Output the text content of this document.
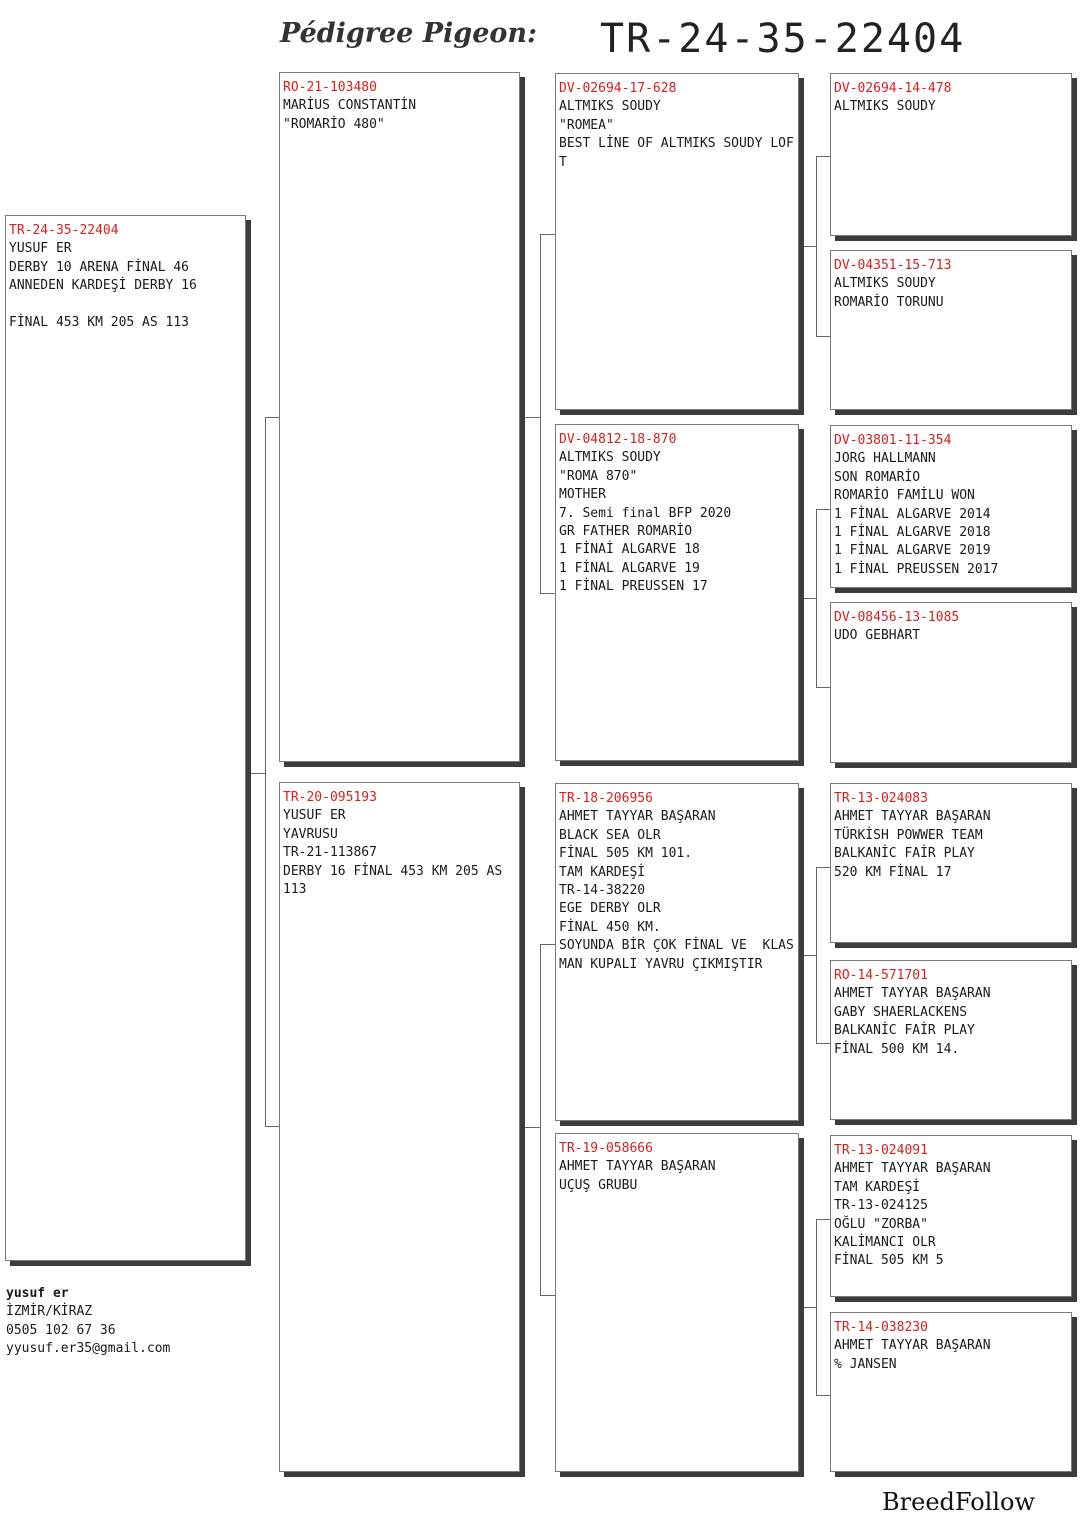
Pédigree Pigeon: TR-24-35-22404
TR-24-35-22404
YUSUF ER
DERBY 10 ARENA FİNAL 46
ANNEDEN KARDEŞİ DERBY 16
FİNAL 453 KM 205 AS 113
RO-21-103480
MARİUS CONSTANTİN
"ROMARİO 480"
TR-20-095193
YUSUF ER
YAVRUSU
TR-21-113867
DERBY 16 FİNAL 453 KM 205 AS 113
DV-02694-17-628
ALTMIKS SOUDY
"ROMEA"
BEST LİNE OF ALTMIKS SOUDY LOFT
DV-04812-18-870
ALTMIKS SOUDY
"ROMA 870"
MOTHER
7. Semi final BFP 2020
GR FATHER ROMARİO
1 FİNAİ ALGARVE 18
1 FİNAL ALGARVE 19
1 FİNAL PREUSSEN 17
TR-18-206956
AHMET TAYYAR BAŞARAN
BLACK SEA OLR
FİNAL 505 KM 101.
TAM KARDEŞİ
TR-14-38220
EGE DERBY OLR
FİNAL 450 KM.
SOYUNDA BİR ÇOK FİNAL VE  KLASMAN KUPALI YAVRU ÇIKMIŞTIR
TR-19-058666
AHMET TAYYAR BAŞARAN
UÇUŞ GRUBU
DV-02694-14-478
ALTMIKS SOUDY
DV-04351-15-713
ALTMIKS SOUDY
ROMARİO TORUNU
DV-03801-11-354
JORG HALLMANN
SON ROMARİO
ROMARİO FAMİLU WON
1 FİNAL ALGARVE 2014
1 FİNAL ALGARVE 2018
1 FİNAL ALGARVE 2019
1 FİNAL PREUSSEN 2017
DV-08456-13-1085
UDO GEBHART
TR-13-024083
AHMET TAYYAR BAŞARAN
TÜRKİSH POWWER TEAM
BALKANİC FAİR PLAY
520 KM FİNAL 17
RO-14-571701
AHMET TAYYAR BAŞARAN
GABY SHAERLACKENS
BALKANİC FAİR PLAY
FİNAL 500 KM 14.
TR-13-024091
AHMET TAYYAR BAŞARAN
TAM KARDEŞİ
TR-13-024125
OĞLU "ZORBA"
KALİMANCI OLR
FİNAL 505 KM 5
TR-14-038230
AHMET TAYYAR BAŞARAN
% JANSEN
yusuf er
İZMİR/KİRAZ
0505 102 67 36
yyusuf.er35@gmail.com
BreedFollow
